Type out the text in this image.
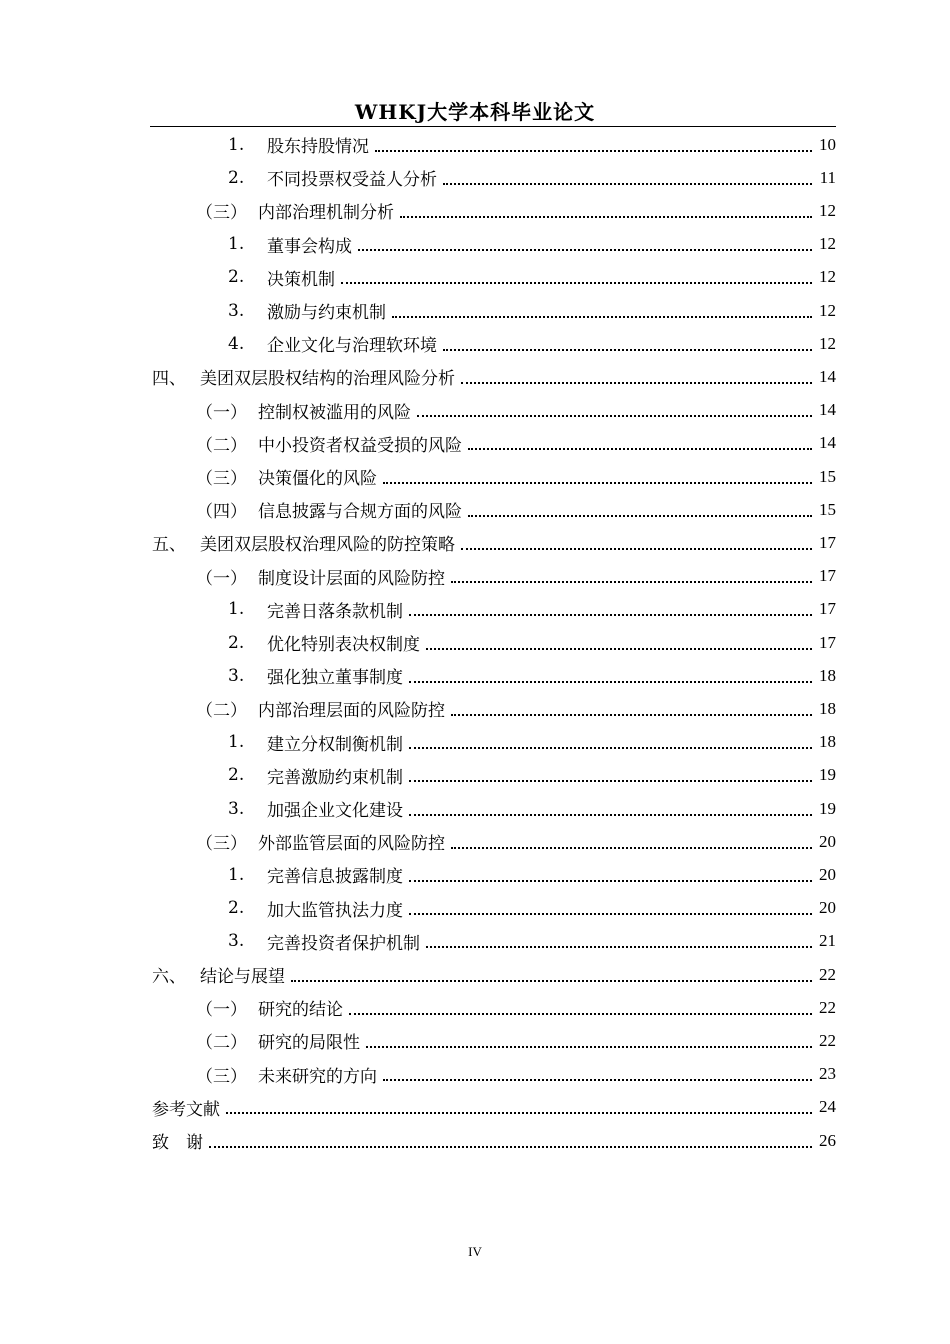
WHKJ大学本科毕业论文
1. 股东持股情况	10
2. 不同投票权受益人分析	11
（三） 内部治理机制分析	12
1. 董事会构成	12
2. 决策机制	12
3. 激励与约束机制	12
4. 企业文化与治理软环境	12
四、 美团双层股权结构的治理风险分析	14
（一） 控制权被滥用的风险	14
（二） 中小投资者权益受损的风险	14
（三） 决策僵化的风险	15
（四） 信息披露与合规方面的风险	15
五、 美团双层股权治理风险的防控策略	17
（一） 制度设计层面的风险防控	17
1. 完善日落条款机制	17
2. 优化特别表决权制度	17
3. 强化独立董事制度	18
（二） 内部治理层面的风险防控	18
1. 建立分权制衡机制	18
2. 完善激励约束机制	19
3. 加强企业文化建设	19
（三） 外部监管层面的风险防控	20
1. 完善信息披露制度	20
2. 加大监管执法力度	20
3. 完善投资者保护机制	21
六、 结论与展望	22
（一） 研究的结论	22
（二） 研究的局限性	22
（三） 未来研究的方向	23
参考文献	24
致　谢	26
IV
